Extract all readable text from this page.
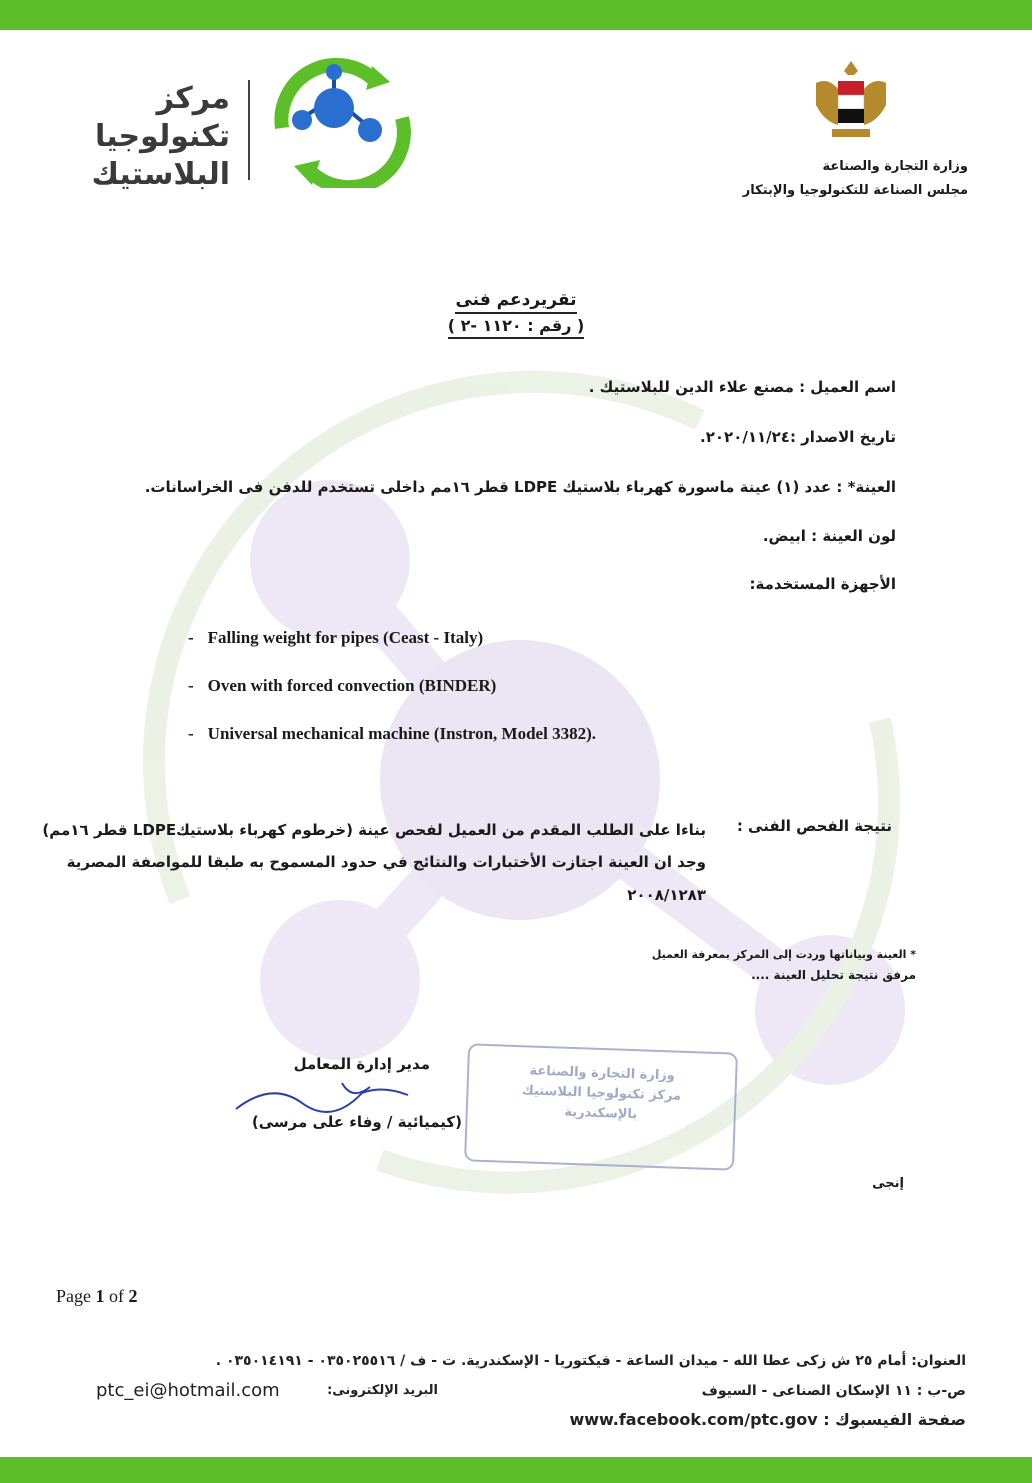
مركز
تكنولوجيا
البلاستيك	وزارة التجارة والصناعة
مجلس الصناعة للتكنولوجيا والإبتكار
تقريردعم فنى
( رقم : ١١٢٠ -٢ )
اسم العميل : مصنع علاء الدين للبلاستيك .
تاريخ الاصدار :٢٠٢٠/١١/٢٤.
العينة* : عدد (١) عينة ماسورة كهرباء بلاستيك LDPE قطر ١٦مم داخلى تستخدم للدفن فى الخراسانات.
لون العينة : ابيض.
الأجهزة المستخدمة:
- Falling weight for pipes (Ceast - Italy)
- Oven with forced convection (BINDER)
- Universal mechanical machine (Instron, Model 3382).
نتيجة الفحص الفنى :
بناءا على الطلب المقدم من العميل لفحص عينة (خرطوم كهرباء بلاستيكLDPE قطر ١٦مم)
وجد ان العينة اجتازت الأختبارات والنتائج في حدود المسموح به طبقا للمواصفة المصرية
٢٠٠٨/١٢٨٣
* العينة وبياناتها وردت إلى المركز بمعرفة العميل
مرفق نتيجة تحليل العينة ....
مدير إدارة المعامل
(كيميائية / وفاء على مرسى)
وزارة التجارة والصناعة
مركز تكنولوجيا البلاستيك
بالإسكندرية
إنجى
Page 1 of 2
العنوان: أمام ٢٥ ش زكى عطا الله - ميدان الساعة - فيكتوريا - الإسكندرية. ت - ف / ٠٣٥٠٢٥٥١٦ - ٠٣٥٠١٤١٩١ .
ص-ب : ١١ الإسكان الصناعى - السيوف
البريد الإلكترونى:
ptc_ei@hotmail.com
صفحة الفيسبوك : www.facebook.com/ptc.gov
